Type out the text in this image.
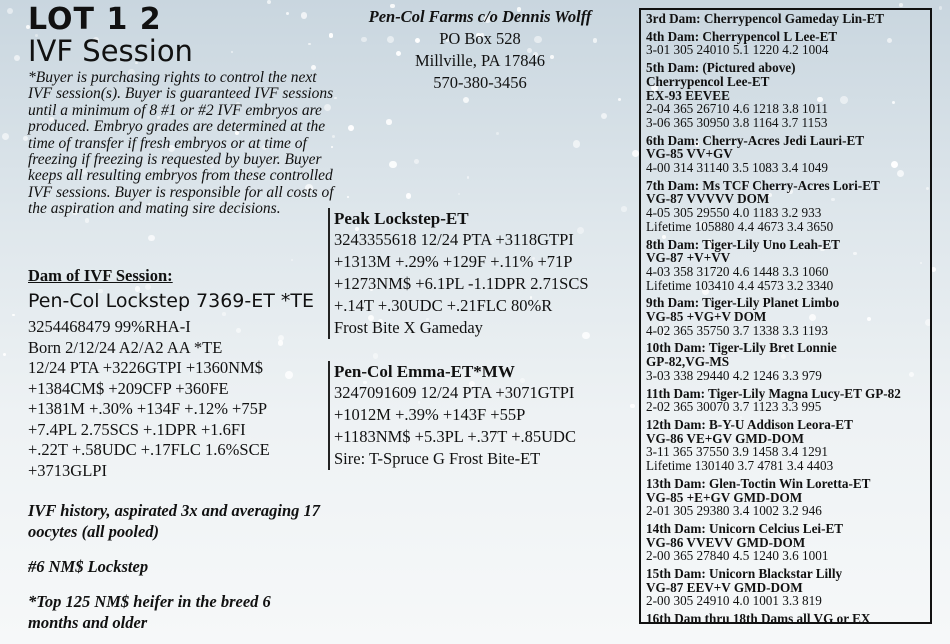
LOT 1 2
IVF Session
*Buyer is purchasing rights to control the next IVF session(s). Buyer is guaranteed IVF sessions until a minimum of 8 #1 or #2 IVF embryos are produced. Embryo grades are determined at the time of transfer if fresh embryos or at time of freezing if freezing is requested by buyer. Buyer keeps all resulting embryos from these controlled IVF sessions. Buyer is responsible for all costs of the aspiration and mating sire decisions.
Dam of IVF Session:
Pen-Col Lockstep 7369-ET *TE
3254468479 99%RHA-I
Born 2/12/24 A2/A2 AA *TE
12/24 PTA +3226GTPI +1360NM$
+1384CM$ +209CFP +360FE
+1381M +.30% +134F +.12% +75P
+7.4PL 2.75SCS +.1DPR +1.6FI
+.22T +.58UDC +.17FLC 1.6%SCE
+3713GLPI
IVF history, aspirated 3x and averaging 17 oocytes (all pooled)
#6 NM$ Lockstep
*Top 125 NM$ heifer in the breed 6 months and older
Pen-Col Farms c/o Dennis Wolff
PO Box 528
Millville, PA 17846
570-380-3456
Peak Lockstep-ET
3243355618 12/24 PTA +3118GTPI
+1313M +.29% +129F +.11% +71P
+1273NM$ +6.1PL -1.1DPR 2.71SCS
+.14T +.30UDC +.21FLC 80%R
Frost Bite X Gameday
Pen-Col Emma-ET*MW
3247091609 12/24 PTA +3071GTPI
+1012M +.39% +143F +55P
+1183NM$ +5.3PL +.37T +.85UDC
Sire: T-Spruce G Frost Bite-ET
3rd Dam: Cherrypencol Gameday Lin-ET
4th Dam: Cherrypencol L Lee-ET
3-01 305 24010 5.1 1220 4.2 1004
5th Dam: (Pictured above)
Cherrypencol Lee-ET
EX-93 EEVEE
2-04 365 26710 4.6 1218 3.8 1011
3-06 365 30950 3.8 1164 3.7 1153
6th Dam: Cherry-Acres Jedi Lauri-ET
VG-85 VV+GV
4-00 314 31140 3.5 1083 3.4 1049
7th Dam: Ms TCF Cherry-Acres Lori-ET
VG-87 VVVVV DOM
4-05 305 29550 4.0 1183 3.2 933
Lifetime 105880 4.4 4673 3.4 3650
8th Dam: Tiger-Lily Uno Leah-ET
VG-87 +V+VV
4-03 358 31720 4.6 1448 3.3 1060
Lifetime 103410 4.4 4573 3.2 3340
9th Dam: Tiger-Lily Planet Limbo
VG-85 +VG+V DOM
4-02 365 35750 3.7 1338 3.3 1193
10th Dam: Tiger-Lily Bret Lonnie
GP-82,VG-MS
3-03 338 29440 4.2 1246 3.3 979
11th Dam: Tiger-Lily Magna Lucy-ET GP-82
2-02 365 30070 3.7 1123 3.3 995
12th Dam: B-Y-U Addison Leora-ET
VG-86 VE+GV GMD-DOM
3-11 365 37550 3.9 1458 3.4 1291
Lifetime 130140 3.7 4781 3.4 4403
13th Dam: Glen-Toctin Win Loretta-ET
VG-85 +E+GV GMD-DOM
2-01 305 29380 3.4 1002 3.2 946
14th Dam: Unicorn Celcius Lei-ET
VG-86 VVEVV GMD-DOM
2-00 365 27840 4.5 1240 3.6 1001
15th Dam: Unicorn Blackstar Lilly
VG-87 EEV+V GMD-DOM
2-00 305 24910 4.0 1001 3.3 819
16th Dam thru 18th Dams all VG or EX
